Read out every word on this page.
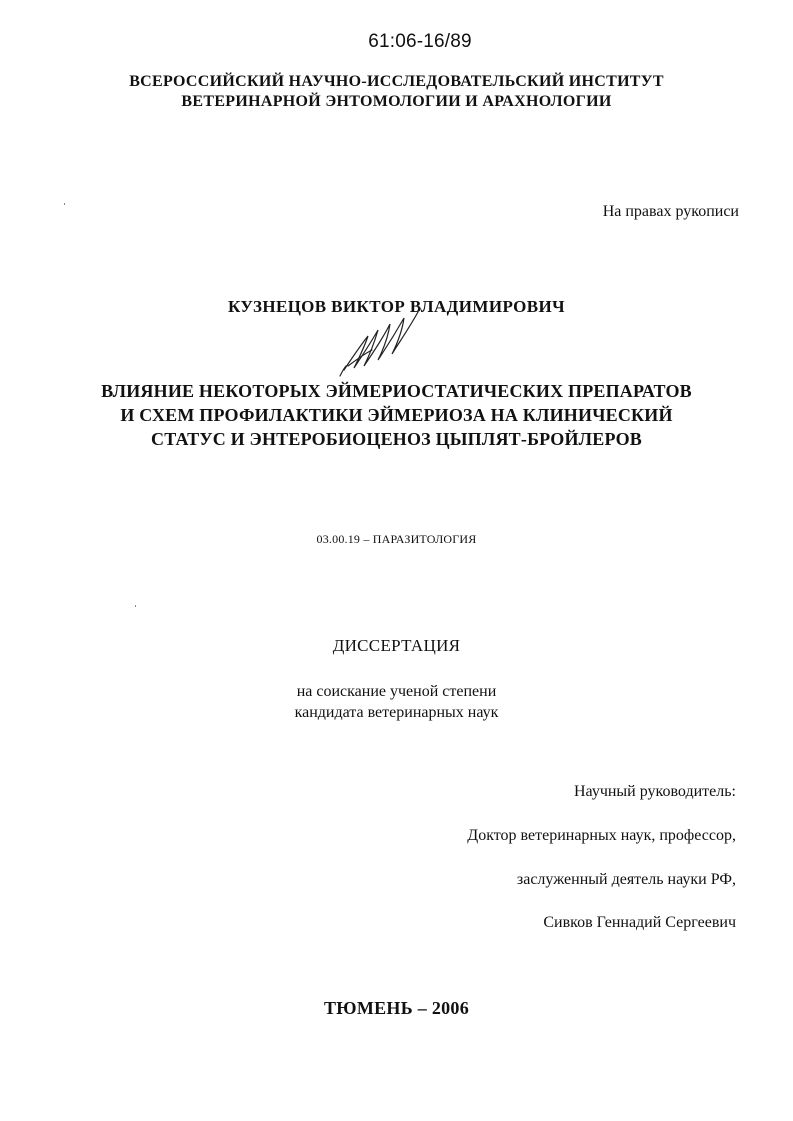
61:06-16/89
ВСЕРОССИЙСКИЙ НАУЧНО-ИССЛЕДОВАТЕЛЬСКИЙ ИНСТИТУТ
ВЕТЕРИНАРНОЙ ЭНТОМОЛОГИИ И АРАХНОЛОГИИ
На правах рукописи
КУЗНЕЦОВ ВИКТОР ВЛАДИМИРОВИЧ
ВЛИЯНИЕ НЕКОТОРЫХ ЭЙМЕРИОСТАТИЧЕСКИХ ПРЕПАРАТОВ
И СХЕМ ПРОФИЛАКТИКИ ЭЙМЕРИОЗА НА КЛИНИЧЕСКИЙ
СТАТУС И ЭНТЕРОБИОЦЕНОЗ ЦЫПЛЯТ-БРОЙЛЕРОВ
03.00.19 – ПАРАЗИТОЛОГИЯ
ДИССЕРТАЦИЯ
на соискание ученой степени
кандидата ветеринарных наук
Научный руководитель:
Доктор ветеринарных наук, профессор,
заслуженный деятель науки РФ,
Сивков Геннадий Сергеевич
ТЮМЕНЬ – 2006
